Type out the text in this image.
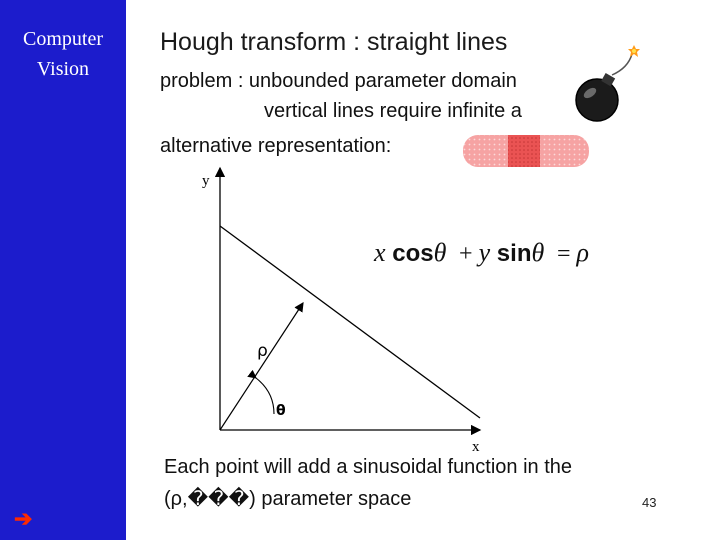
Computer
Vision
➔
Hough transform : straight lines
problem : unbounded parameter domain
vertical lines require infinite a
alternative representation:
y
x
ρ
θ
x cosθ + y sinθ = ρ
Each point will add a sinusoidal function in the
(ρ,���) parameter space	43
